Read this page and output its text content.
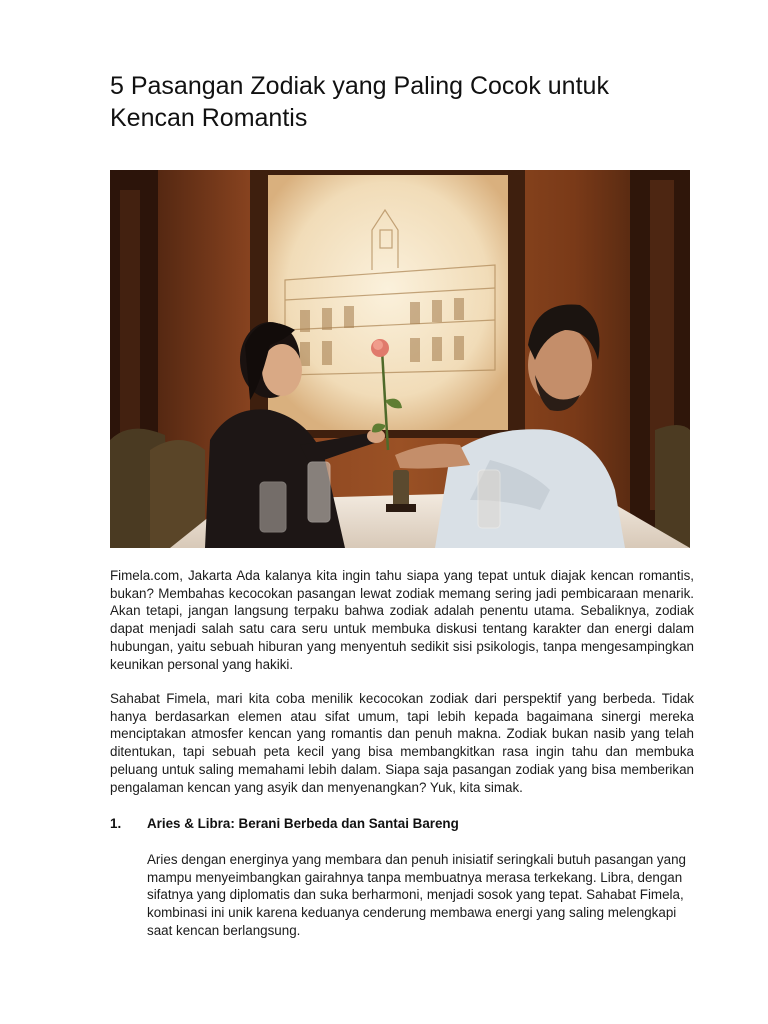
5 Pasangan Zodiak yang Paling Cocok untuk Kencan Romantis

Fimela.com, Jakarta Ada kalanya kita ingin tahu siapa yang tepat untuk diajak kencan romantis, bukan? Membahas kecocokan pasangan lewat zodiak memang sering jadi pembicaraan menarik. Akan tetapi, jangan langsung terpaku bahwa zodiak adalah penentu utama. Sebaliknya, zodiak dapat menjadi salah satu cara seru untuk membuka diskusi tentang karakter dan energi dalam hubungan, yaitu sebuah hiburan yang menyentuh sedikit sisi psikologis, tanpa mengesampingkan keunikan personal yang hakiki.

Sahabat Fimela, mari kita coba menilik kecocokan zodiak dari perspektif yang berbeda. Tidak hanya berdasarkan elemen atau sifat umum, tapi lebih kepada bagaimana sinergi mereka menciptakan atmosfer kencan yang romantis dan penuh makna. Zodiak bukan nasib yang telah ditentukan, tapi sebuah peta kecil yang bisa membangkitkan rasa ingin tahu dan membuka peluang untuk saling memahami lebih dalam. Siapa saja pasangan zodiak yang bisa memberikan pengalaman kencan yang asyik dan menyenangkan? Yuk, kita simak.

1. Aries & Libra: Berani Berbeda dan Santai Bareng

Aries dengan energinya yang membara dan penuh inisiatif seringkali butuh pasangan yang mampu menyeimbangkan gairahnya tanpa membuatnya merasa terkekang. Libra, dengan sifatnya yang diplomatis dan suka berharmoni, menjadi sosok yang tepat. Sahabat Fimela, kombinasi ini unik karena keduanya cenderung membawa energi yang saling melengkapi saat kencan berlangsung.
